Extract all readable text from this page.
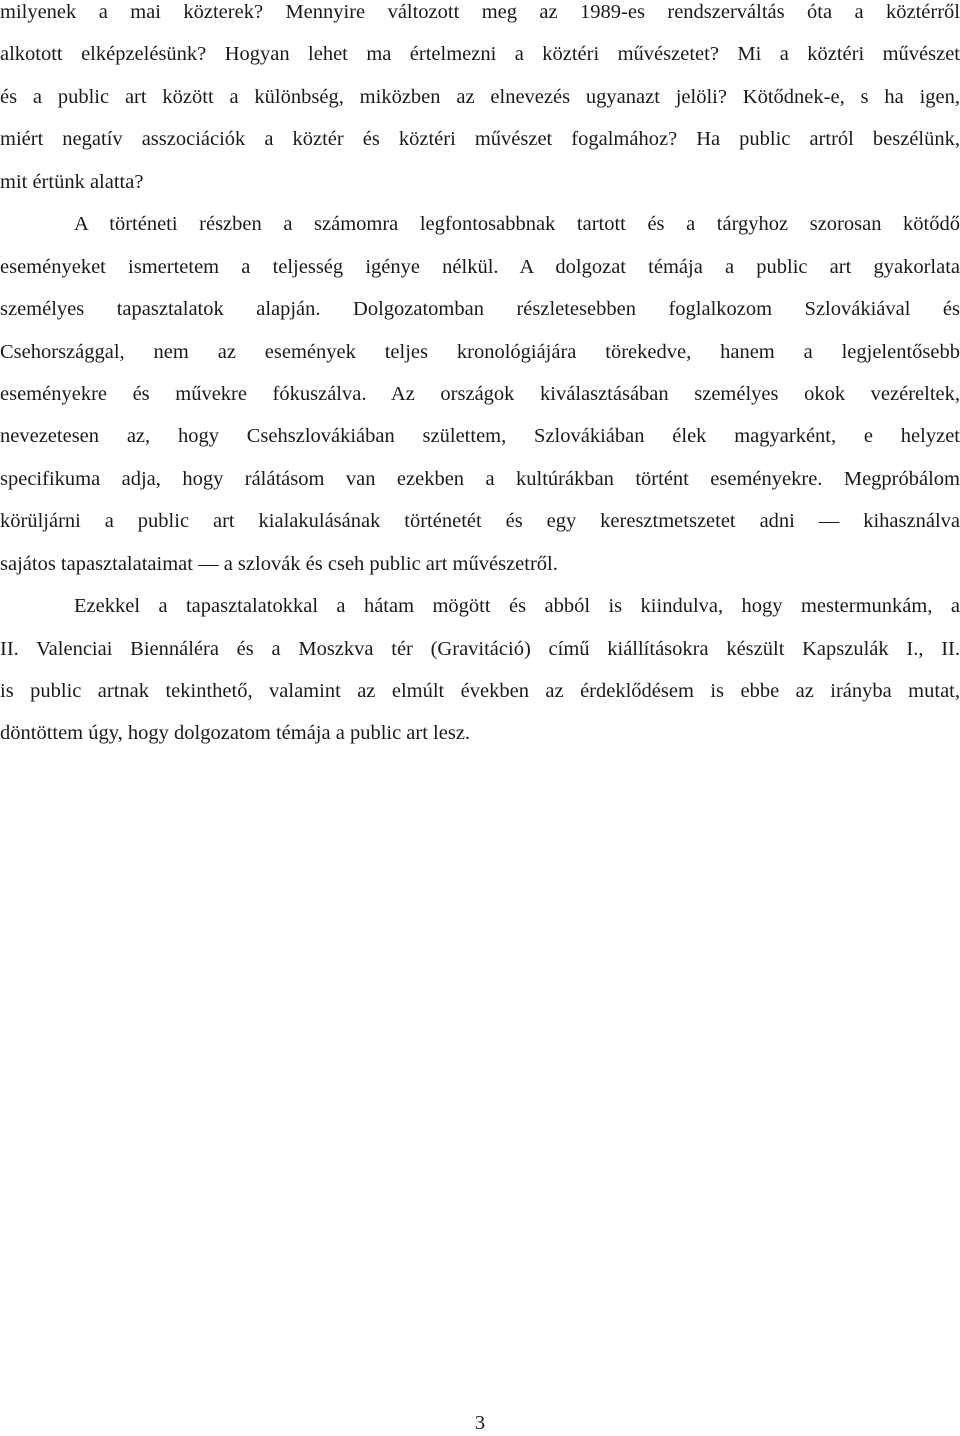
milyenek a mai közterek? Mennyire változott meg az 1989-es rendszerváltás óta a köztérről
alkotott elképzelésünk? Hogyan lehet ma értelmezni a köztéri művészetet? Mi a köztéri művészet
és a public art között a különbség, miközben az elnevezés ugyanazt jelöli? Kötődnek-e, s ha igen,
miért negatív asszociációk a köztér és köztéri művészet fogalmához? Ha public artról beszélünk,
mit értünk alatta?
A történeti részben a számomra legfontosabbnak tartott és a tárgyhoz szorosan kötődő
eseményeket ismertetem a teljesség igénye nélkül. A dolgozat témája a public art gyakorlata
személyes tapasztalatok alapján. Dolgozatomban részletesebben foglalkozom Szlovákiával és
Csehországgal, nem az események teljes kronológiájára törekedve, hanem a legjelentősebb
eseményekre és művekre fókuszálva. Az országok kiválasztásában személyes okok vezéreltek,
nevezetesen az, hogy Csehszlovákiában születtem, Szlovákiában élek magyarként, e helyzet
specifikuma adja, hogy rálátásom van ezekben a kultúrákban történt eseményekre. Megpróbálom
körüljárni a public art kialakulásának történetét és egy keresztmetszetet adni — kihasználva
sajátos tapasztalataimat — a szlovák és cseh public art művészetről.
Ezekkel a tapasztalatokkal a hátam mögött és abból is kiindulva, hogy mestermunkám, a
II. Valenciai Biennáléra és a Moszkva tér (Gravitáció) című kiállításokra készült Kapszulák I., II.
is public artnak tekinthető, valamint az elmúlt években az érdeklődésem is ebbe az irányba mutat,
döntöttem úgy, hogy dolgozatom témája a public art lesz.
3
